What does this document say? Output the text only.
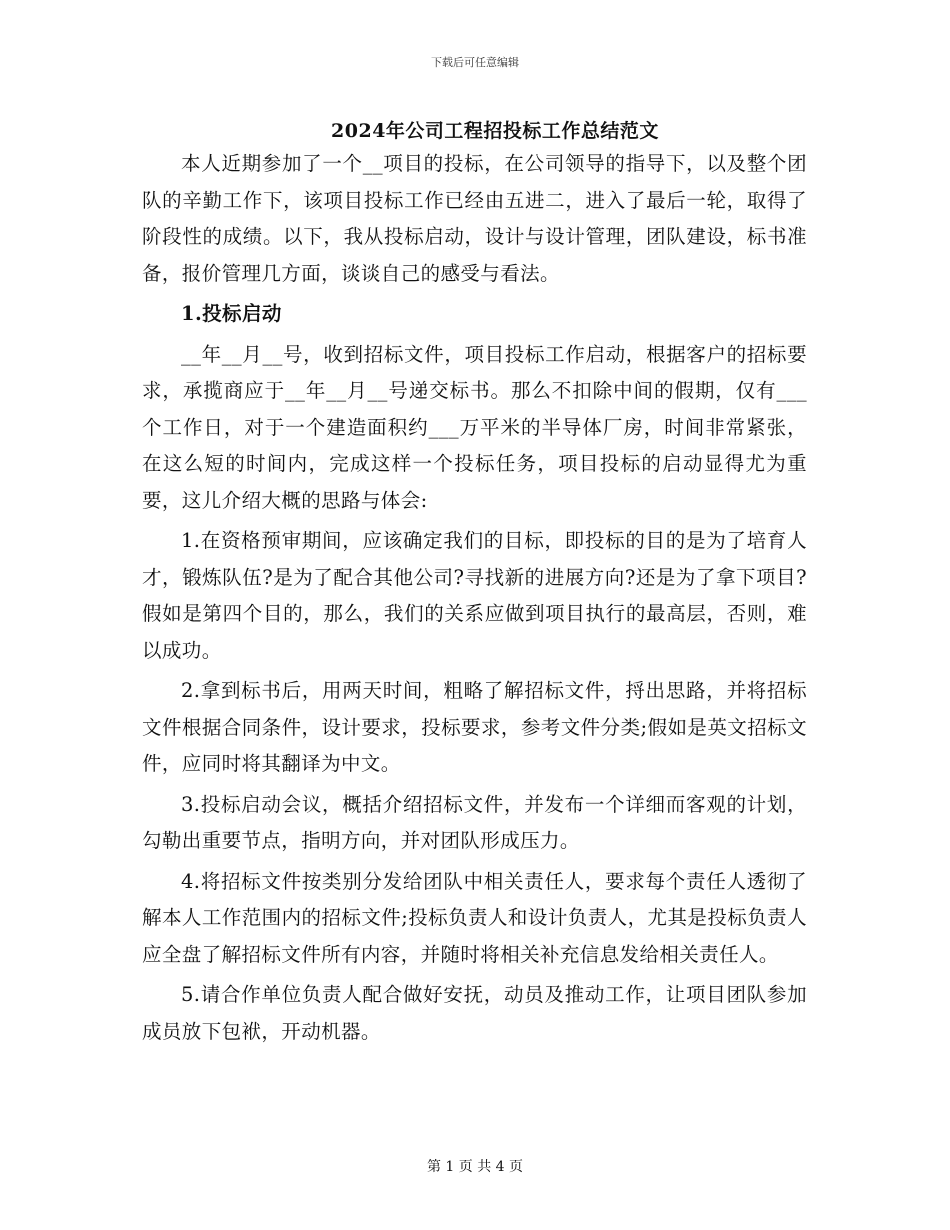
下载后可任意编辑
2024年公司工程招投标工作总结范文

本人近期参加了一个__项目的投标，在公司领导的指导下，以及整个团队的辛勤工作下，该项目投标工作已经由五进二，进入了最后一轮，取得了阶段性的成绩。以下，我从投标启动，设计与设计管理，团队建设，标书准备，报价管理几方面，谈谈自己的感受与看法。

1.投标启动

__年__月__号，收到招标文件，项目投标工作启动，根据客户的招标要求，承揽商应于__年__月__号递交标书。那么不扣除中间的假期，仅有___个工作日，对于一个建造面积约___万平米的半导体厂房，时间非常紧张，在这么短的时间内，完成这样一个投标任务，项目投标的启动显得尤为重要，这儿介绍大概的思路与体会:

1.在资格预审期间，应该确定我们的目标，即投标的目的是为了培育人才，锻炼队伍?是为了配合其他公司?寻找新的进展方向?还是为了拿下项目?假如是第四个目的，那么，我们的关系应做到项目执行的最高层，否则，难以成功。

2.拿到标书后，用两天时间，粗略了解招标文件，捋出思路，并将招标文件根据合同条件，设计要求，投标要求，参考文件分类;假如是英文招标文件，应同时将其翻译为中文。

3.投标启动会议，概括介绍招标文件，并发布一个详细而客观的计划，勾勒出重要节点，指明方向，并对团队形成压力。

4.将招标文件按类别分发给团队中相关责任人，要求每个责任人透彻了解本人工作范围内的招标文件;投标负责人和设计负责人，尤其是投标负责人应全盘了解招标文件所有内容，并随时将相关补充信息发给相关责任人。

5.请合作单位负责人配合做好安抚，动员及推动工作，让项目团队参加成员放下包袱，开动机器。

第 1 页 共 4 页
